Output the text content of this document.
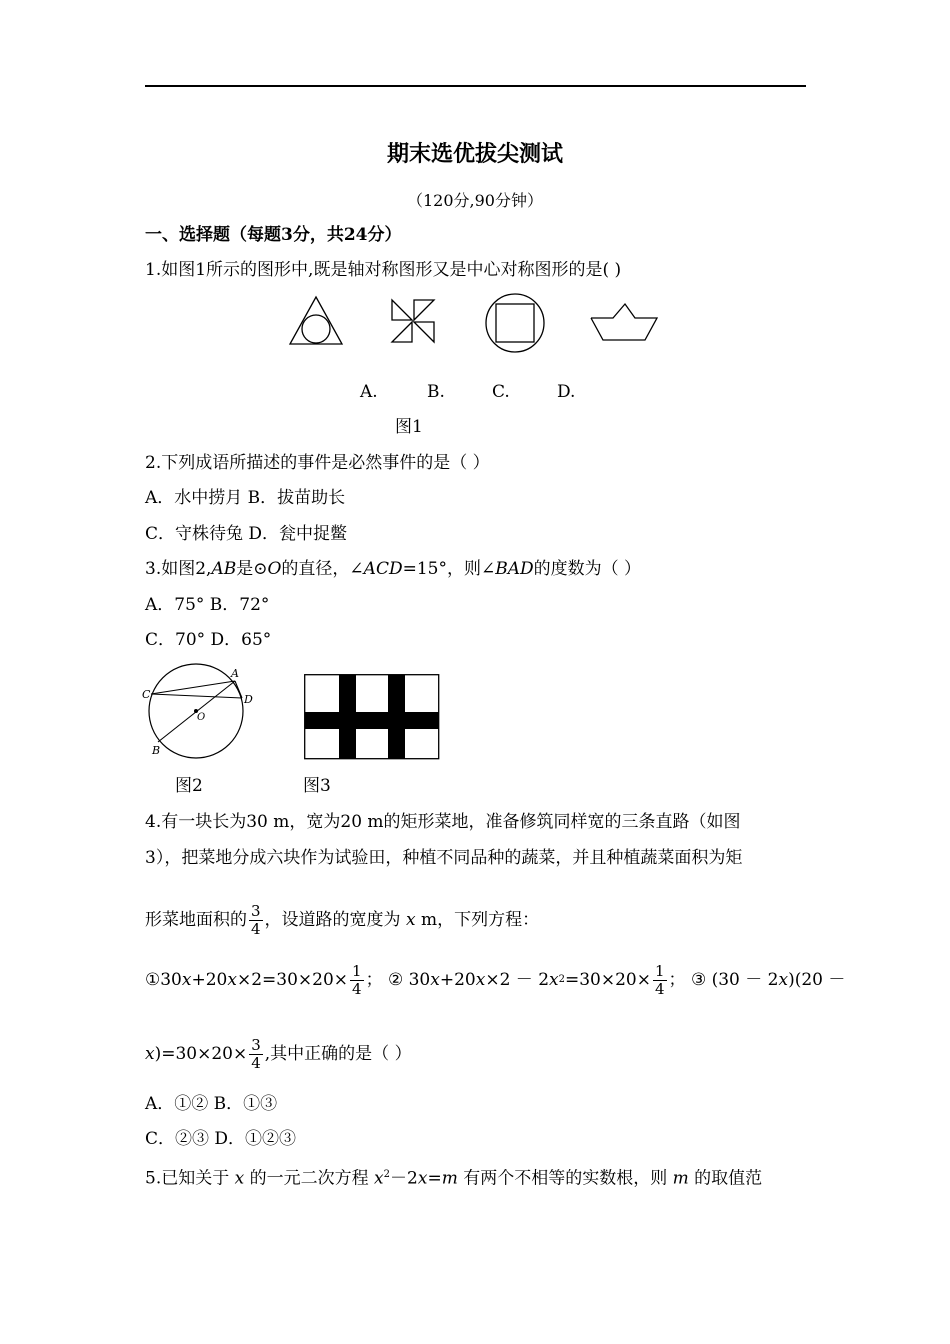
期末选优拔尖测试
（120分,90分钟）
一、选择题（每题3分，共24分）
1.如图1所示的图形中,既是轴对称图形又是中心对称图形的是( )
A.	B.	C.	D.
图1
2.下列成语所描述的事件是必然事件的是（ ）
A．水中捞月 B．拔苗助长
C．守株待兔 D．瓮中捉鳖
3.如图2,AB是⊙O的直径，∠ACD=15°，则∠BAD的度数为（ ）
A．75° B．72°
C．70° D．65°
A
C	D
O
B
图2	图3
4.有一块长为30 m，宽为20 m的矩形菜地，准备修筑同样宽的三条直路（如图
3），把菜地分成六块作为试验田，种植不同品种的蔬菜，并且种植蔬菜面积为矩
形菜地面积的 $\frac{3}{4}$ ，设道路的宽度为
x
m，下列方程：
①30 x +20 $x \times 2=30\times 20\times \frac{1}{4}$ ；
② 30 x +20 x ×2 － 2 x $2 =30\times 20\times \frac{1}{4}$ ；
③ (30 － 2 x )(20 －
x )$=30\times 20\times \frac{3}{4}$ ,其中正确的是（ ）
A．①② B．①③
C．②③ D．①②③
5.已知关于 x 的一元二次方程 $x^2-2x=m$ 有两个不相等的实数根，则 m 的取值范
